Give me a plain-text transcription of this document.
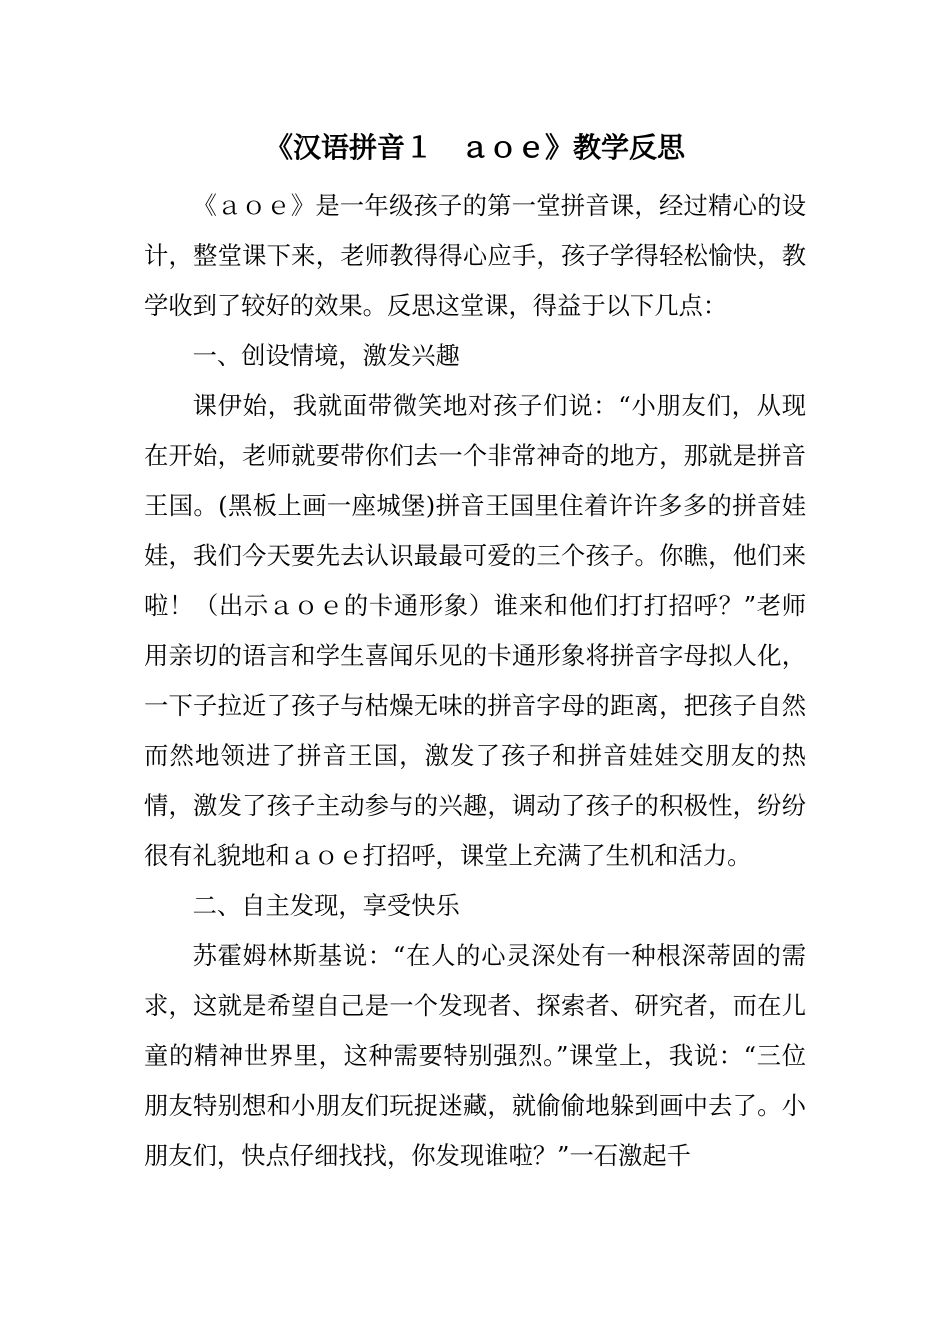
《汉语拼音１　ａｏｅ》教学反思

《ａｏｅ》是一年级孩子的第一堂拼音课，经过精心的设计，整堂课下来，老师教得得心应手，孩子学得轻松愉快，教学收到了较好的效果。反思这堂课，得益于以下几点：

一、创设情境，激发兴趣

课伊始，我就面带微笑地对孩子们说：“小朋友们，从现在开始，老师就要带你们去一个非常神奇的地方，那就是拼音王国。(黑板上画一座城堡)拼音王国里住着许许多多的拼音娃娃，我们今天要先去认识最最可爱的三个孩子。你瞧，他们来啦！（出示ａｏｅ的卡通形象）谁来和他们打打招呼？”老师用亲切的语言和学生喜闻乐见的卡通形象将拼音字母拟人化，一下子拉近了孩子与枯燥无味的拼音字母的距离，把孩子自然而然地领进了拼音王国，激发了孩子和拼音娃娃交朋友的热情，激发了孩子主动参与的兴趣，调动了孩子的积极性，纷纷很有礼貌地和ａｏｅ打招呼，课堂上充满了生机和活力。

二、自主发现，享受快乐

苏霍姆林斯基说：“在人的心灵深处有一种根深蒂固的需求，这就是希望自己是一个发现者、探索者、研究者，而在儿童的精神世界里，这种需要特别强烈。”课堂上，我说：“三位朋友特别想和小朋友们玩捉迷藏，就偷偷地躲到画中去了。小朋友们，快点仔细找找，你发现谁啦？”一石激起千
